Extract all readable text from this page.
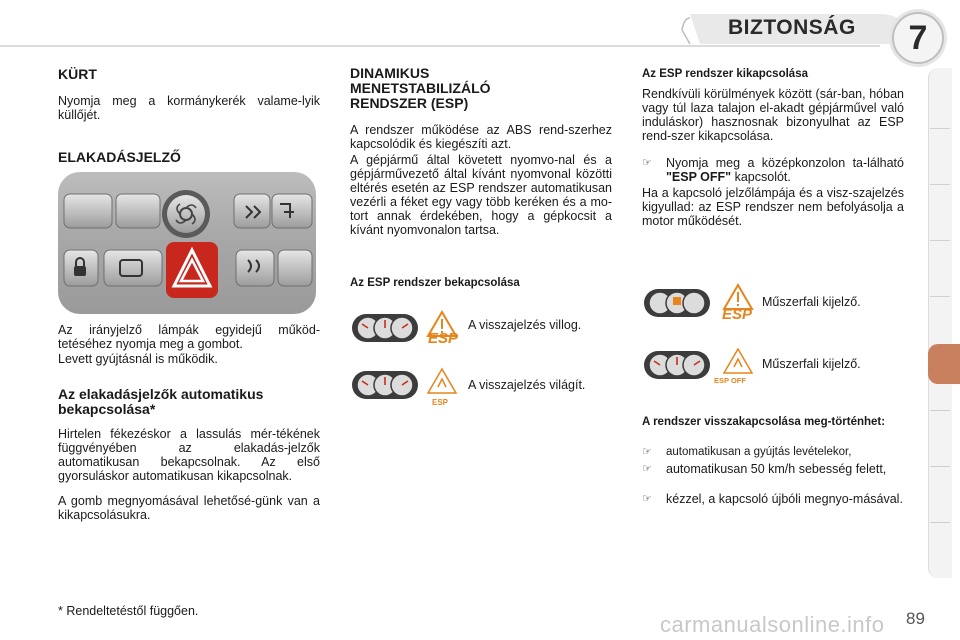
BIZTONSÁG	7
KÜRT
Nyomja meg a kormánykerék valame-lyik küllőjét.
ELAKADÁSJELZŐ
Az irányjelző lámpák egyidejű működ-tetéséhez nyomja meg a gombot.
Levett gyújtásnál is működik.
Az elakadásjelzők automatikus bekapcsolása*
Hirtelen fékezéskor a lassulás mér-tékének függvényében az elakadás-jelzők automatikusan bekapcsolnak. Az első gyorsuláskor automatikusan kikapcsolnak.
A gomb megnyomásával lehetősé-günk van a kikapcsolásukra.
* Rendeltetéstől függően.
DINAMIKUS MENETSTABILIZÁLÓ RENDSZER (ESP)
A rendszer működése az ABS rend-szerhez kapcsolódik és kiegészíti azt.
A gépjármű által követett nyomvo-nal és a gépjárművezető által kívánt nyomvonal közötti eltérés esetén az ESP rendszer automatikusan vezérli a féket egy vagy több keréken és a mo-tort annak érdekében, hogy a gépkocsit a kívánt nyomvonalon tartsa.
Az ESP rendszer bekapcsolása
ESP
A visszajelzés villog.
ESP
A visszajelzés világít.
Az ESP rendszer kikapcsolása
Rendkívüli körülmények között (sár-ban, hóban vagy túl laza talajon el-akadt gépjárművel való induláskor) hasznosnak bizonyulhat az ESP rend-szer kikapcsolása.
☞	Nyomja meg a középkonzolon ta-lálható "ESP OFF" kapcsolót.
Ha a kapcsoló jelzőlámpája és a visz-szajelzés kigyullad: az ESP rendszer nem befolyásolja a motor működését.
ESP
Műszerfali kijelző.
ESP OFF
Műszerfali kijelző.
A rendszer visszakapcsolása meg-történhet:
☞	automatikusan a gyújtás levételekor,
☞	automatikusan 50 km/h sebesség felett,
☞	kézzel, a kapcsoló újbóli megnyo-másával.
carmanualsonline.info 89
